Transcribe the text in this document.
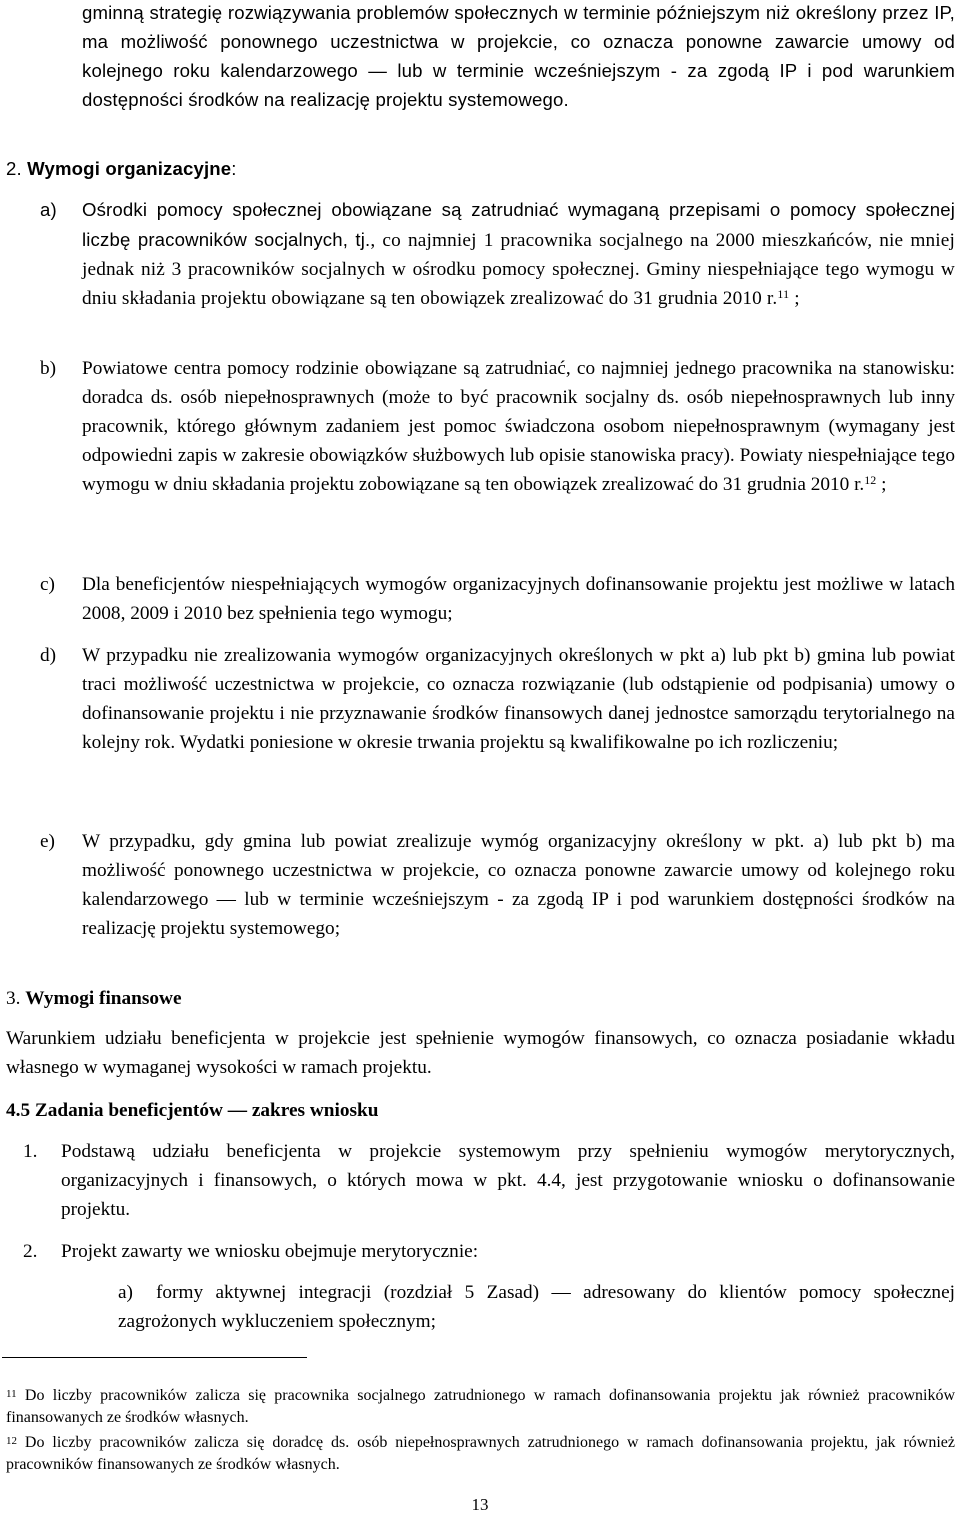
gminną strategię rozwiązywania problemów społecznych w terminie późniejszym niż określony przez IP, ma możliwość ponownego uczestnictwa w projekcie, co oznacza ponowne zawarcie umowy od kolejnego roku kalendarzowego — lub w terminie wcześniejszym - za zgodą IP i pod warunkiem dostępności środków na realizację projektu systemowego.

2. Wymogi organizacyjne:
a) Ośrodki pomocy społecznej obowiązane są zatrudniać wymaganą przepisami o pomocy społecznej liczbę pracowników socjalnych, tj., co najmniej 1 pracownika socjalnego na 2000 mieszkańców, nie mniej jednak niż 3 pracowników socjalnych w ośrodku pomocy społecznej. Gminy niespełniające tego wymogu w dniu składania projektu obowiązane są ten obowiązek zrealizować do 31 grudnia 2010 r.$^{11}$ ;

b) Powiatowe centra pomocy rodzinie obowiązane są zatrudniać, co najmniej jednego pracownika na stanowisku: doradca ds. osób niepełnosprawnych (może to być pracownik socjalny ds. osób niepełnosprawnych lub inny pracownik, którego głównym zadaniem jest pomoc świadczona osobom niepełnosprawnym (wymagany jest odpowiedni zapis w zakresie obowiązków służbowych lub opisie stanowiska pracy). Powiaty niespełniające tego wymogu w dniu składania projektu zobowiązane są ten obowiązek zrealizować do 31 grudnia 2010 r.$^{12}$ ;

c) Dla beneficjentów niespełniających wymogów organizacyjnych dofinansowanie projektu jest możliwe w latach 2008, 2009 i 2010 bez spełnienia tego wymogu;

d) W przypadku nie zrealizowania wymogów organizacyjnych określonych w pkt a) lub pkt b) gmina lub powiat traci możliwość uczestnictwa w projekcie, co oznacza rozwiązanie (lub odstąpienie od podpisania) umowy o dofinansowanie projektu i nie przyznawanie środków finansowych danej jednostce samorządu terytorialnego na kolejny rok. Wydatki poniesione w okresie trwania projektu są kwalifikowalne po ich rozliczeniu;

e) W przypadku, gdy gmina lub powiat zrealizuje wymóg organizacyjny określony w pkt. a) lub pkt b) ma możliwość ponownego uczestnictwa w projekcie, co oznacza ponowne zawarcie umowy od kolejnego roku kalendarzowego — lub w terminie wcześniejszym - za zgodą IP i pod warunkiem dostępności środków na realizację projektu systemowego;

3. Wymogi finansowe

Warunkiem udziału beneficjenta w projekcie jest spełnienie wymogów finansowych, co oznacza posiadanie wkładu własnego w wymaganej wysokości w ramach projektu.

4.5 Zadania beneficjentów — zakres wniosku
1. Podstawą udziału beneficjenta w projekcie systemowym przy spełnieniu wymogów merytorycznych, organizacyjnych i finansowych, o których mowa w pkt. 4.4, jest przygotowanie wniosku o dofinansowanie projektu.

2. Projekt zawarty we wniosku obejmuje merytorycznie:

a)	formy aktywnej integracji (rozdział 5 Zasad) — adresowany do klientów pomocy społecznej zagrożonych wykluczeniem społecznym;

$^{11}$ Do liczby pracowników zalicza się pracownika socjalnego zatrudnionego w ramach dofinansowania projektu jak również pracowników finansowanych ze środków własnych.

$^{12}$ Do liczby pracowników zalicza się doradcę ds. osób niepełnosprawnych zatrudnionego w ramach dofinansowania projektu, jak również pracowników finansowanych ze środków własnych.

13
